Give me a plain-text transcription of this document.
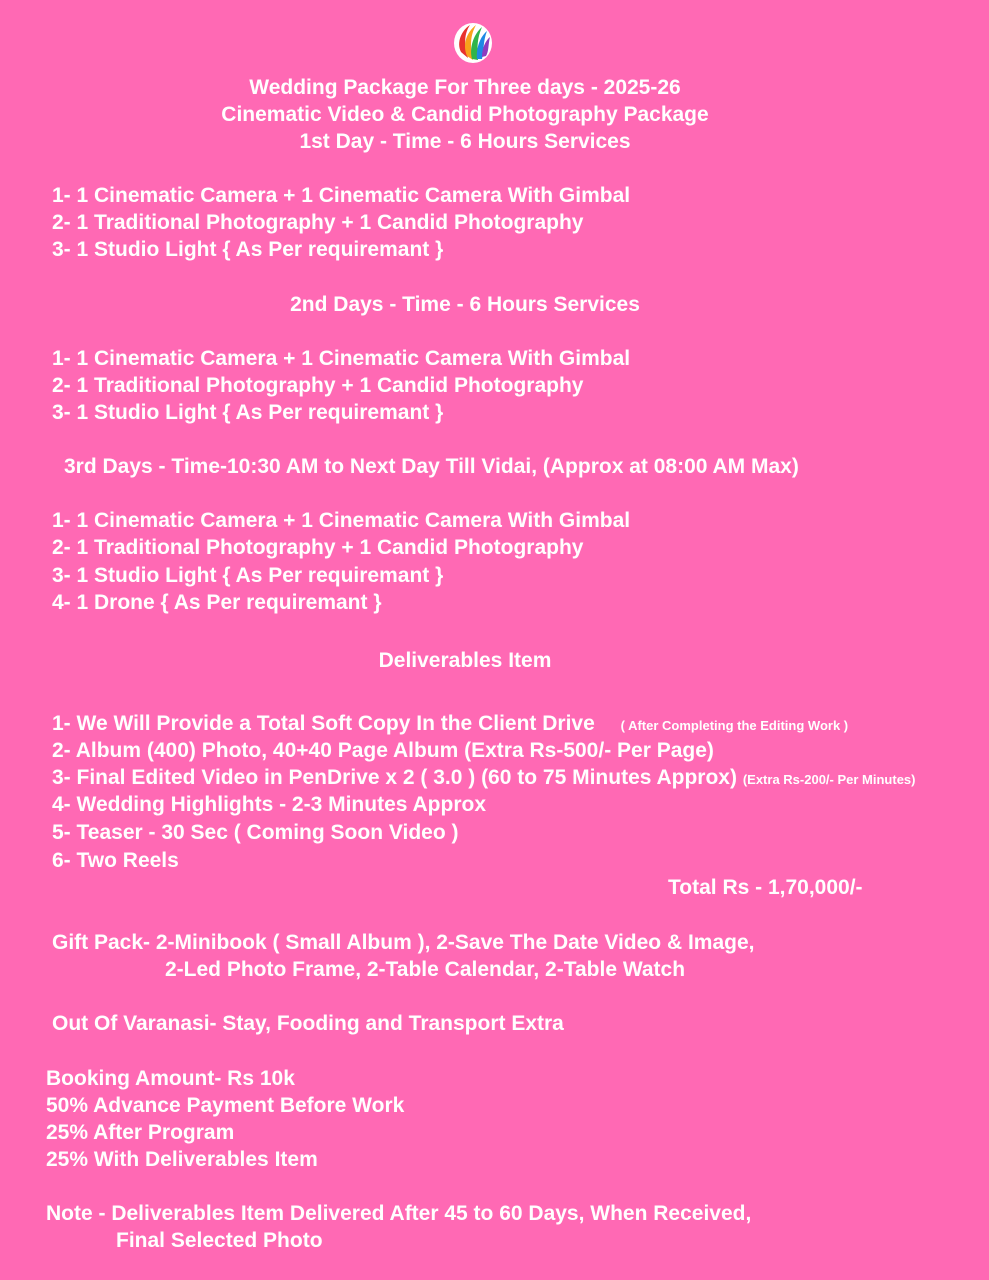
Wedding Package For Three days - 2025-26
Cinematic Video & Candid Photography Package
1st Day - Time - 6 Hours Services
1- 1 Cinematic Camera + 1 Cinematic Camera With Gimbal
2- 1 Traditional Photography + 1 Candid Photography
3- 1 Studio Light { As Per requiremant }
2nd Days - Time - 6 Hours Services
1- 1 Cinematic Camera + 1 Cinematic Camera With Gimbal
2- 1 Traditional Photography + 1 Candid Photography
3- 1 Studio Light { As Per requiremant }
3rd Days - Time-10:30 AM to Next Day Till Vidai, (Approx at 08:00 AM Max)
1- 1 Cinematic Camera + 1 Cinematic Camera With Gimbal
2- 1 Traditional Photography + 1 Candid Photography
3- 1 Studio Light { As Per requiremant }
4- 1 Drone { As Per requiremant }
Deliverables Item
1- We Will Provide a Total Soft Copy In the Client Drive ( After Completing the Editing Work )
2- Album (400) Photo, 40+40 Page Album (Extra Rs-500/- Per Page)
3- Final Edited Video in PenDrive x 2 ( 3.0 ) (60 to 75 Minutes Approx) (Extra Rs-200/- Per Minutes)
4- Wedding Highlights - 2-3 Minutes Approx
5- Teaser - 30 Sec ( Coming Soon Video )
6- Two Reels
Total Rs - 1,70,000/-
Gift Pack- 2-Minibook ( Small Album ), 2-Save The Date Video & Image,
2-Led Photo Frame, 2-Table Calendar, 2-Table Watch
Out Of Varanasi- Stay, Fooding and Transport Extra
Booking Amount- Rs 10k
50% Advance Payment Before Work
25% After Program
25% With Deliverables Item
Note - Deliverables Item Delivered After 45 to 60 Days, When Received,
Final Selected Photo
